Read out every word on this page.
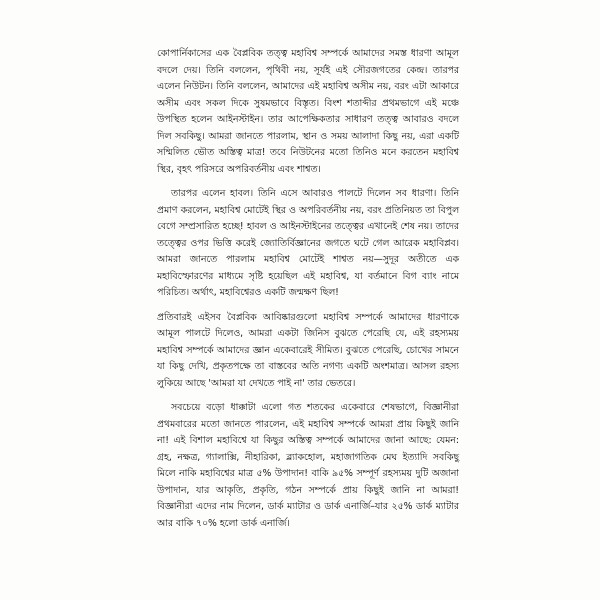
কোপার্নিকাসের এক বৈপ্লবিক তত্ত্ব মহাবিশ্ব সম্পর্কে আমাদের সমস্ত ধারণা আমূল বদলে দেয়। তিনি বললেন, পৃথিবী নয়, সূর্যই এই সৌরজগতের কেন্দ্র। তারপর এলেন নিউটন। তিনি বললেন, আমাদের এই মহাবিশ্ব অসীম নয়, বরং এটা আকারে অসীম এবং সকল দিকে সুষমভাবে বিস্তৃত। বিংশ শতাব্দীর প্রথমভাগে এই মঞ্চে উপস্থিত হলেন আইনস্টাইন। তার আপেক্ষিকতার সাধারণ তত্ত্ব আবারও বদলে দিল সবকিছু। আমরা জানতে পারলাম, স্থান ও সময় আলাদা কিছু নয়, এরা একটি সম্মিলিত ভৌত অস্তিত্ব মাত্র! তবে নিউটনের মতো তিনিও মনে করতেন মহাবিশ্ব স্থির, বৃহৎ পরিসরে অপরিবর্তনীয় এবং শাশ্বত।

তারপর এলেন হাবল। তিনি এসে আবারও পালটে দিলেন সব ধারণা। তিনি প্রমাণ করলেন, মহাবিশ্ব মোটেই স্থির ও অপরিবর্তনীয় নয়, বরং প্রতিনিয়ত তা বিপুল বেগে সম্প্রসারিত হচ্ছে! হাবল ও আইনস্টাইনের তত্ত্বের এখানেই শেষ নয়। তাদের তত্ত্বের ওপর ভিত্তি করেই জ্যোতির্বিজ্ঞানের জগতে ঘটে গেল আরেক মহাবিপ্লব। আমরা জানতে পারলাম মহাবিশ্ব মোটেই শাশ্বত নয়—সুদূর অতীতে এক মহাবিস্ফোরণের মাধ্যমে সৃষ্টি হয়েছিল এই মহাবিশ্ব, যা বর্তমানে বিগ ব্যাং নামে পরিচিত। অর্থাৎ, মহাবিশ্বেরও একটি জন্মক্ষণ ছিল!

প্রতিবারই এইসব বৈপ্লবিক আবিষ্কারগুলো মহাবিশ্ব সম্পর্কে আমাদের ধারণাকে আমূল পালটে দিলেও, আমরা একটা জিনিস বুঝতে পেরেছি যে, এই রহস্যময় মহাবিশ্ব সম্পর্কে আমাদের জ্ঞান একেবারেই সীমিত। বুঝতে পেরেছি, চোখের সামনে যা কিছু দেখি, প্রকৃতপক্ষে তা বাস্তবের অতি নগণ্য একটি অংশমাত্র। আসল রহস্য লুকিয়ে আছে 'আমরা যা দেখতে পাই না' তার ভেতরে।

সবচেয়ে বড়ো ধাক্কাটা এলো গত শতকের একেবারে শেষভাগে, বিজ্ঞানীরা প্রথমবারের মতো জানতে পারলেন, এই মহাবিশ্ব সম্পর্কে আমরা প্রায় কিছুই জানি না! এই বিশাল মহাবিশ্বে যা কিছুর অস্তিত্ব সম্পর্কে আমাদের জানা আছে: যেমন: গ্রহ, নক্ষত্র, গ্যালাক্সি, নীহারিকা, ব্ল্যাকহোল, মহাজাগতিক মেঘ ইত্যাদি সবকিছু মিলে নাকি মহাবিশ্বের মাত্র ৫% উপাদান! বাকি ৯৫% সম্পূর্ণ রহস্যময় দুটি অজানা উপাদান, যার আকৃতি, প্রকৃতি, গঠন সম্পর্কে প্রায় কিছুই জানি না আমরা! বিজ্ঞানীরা এদের নাম দিলেন, ডার্ক ম্যাটার ও ডার্ক এনার্জি–যার ২৫% ডার্ক ম্যাটার আর বাকি ৭০% হলো ডার্ক এনার্জি।
